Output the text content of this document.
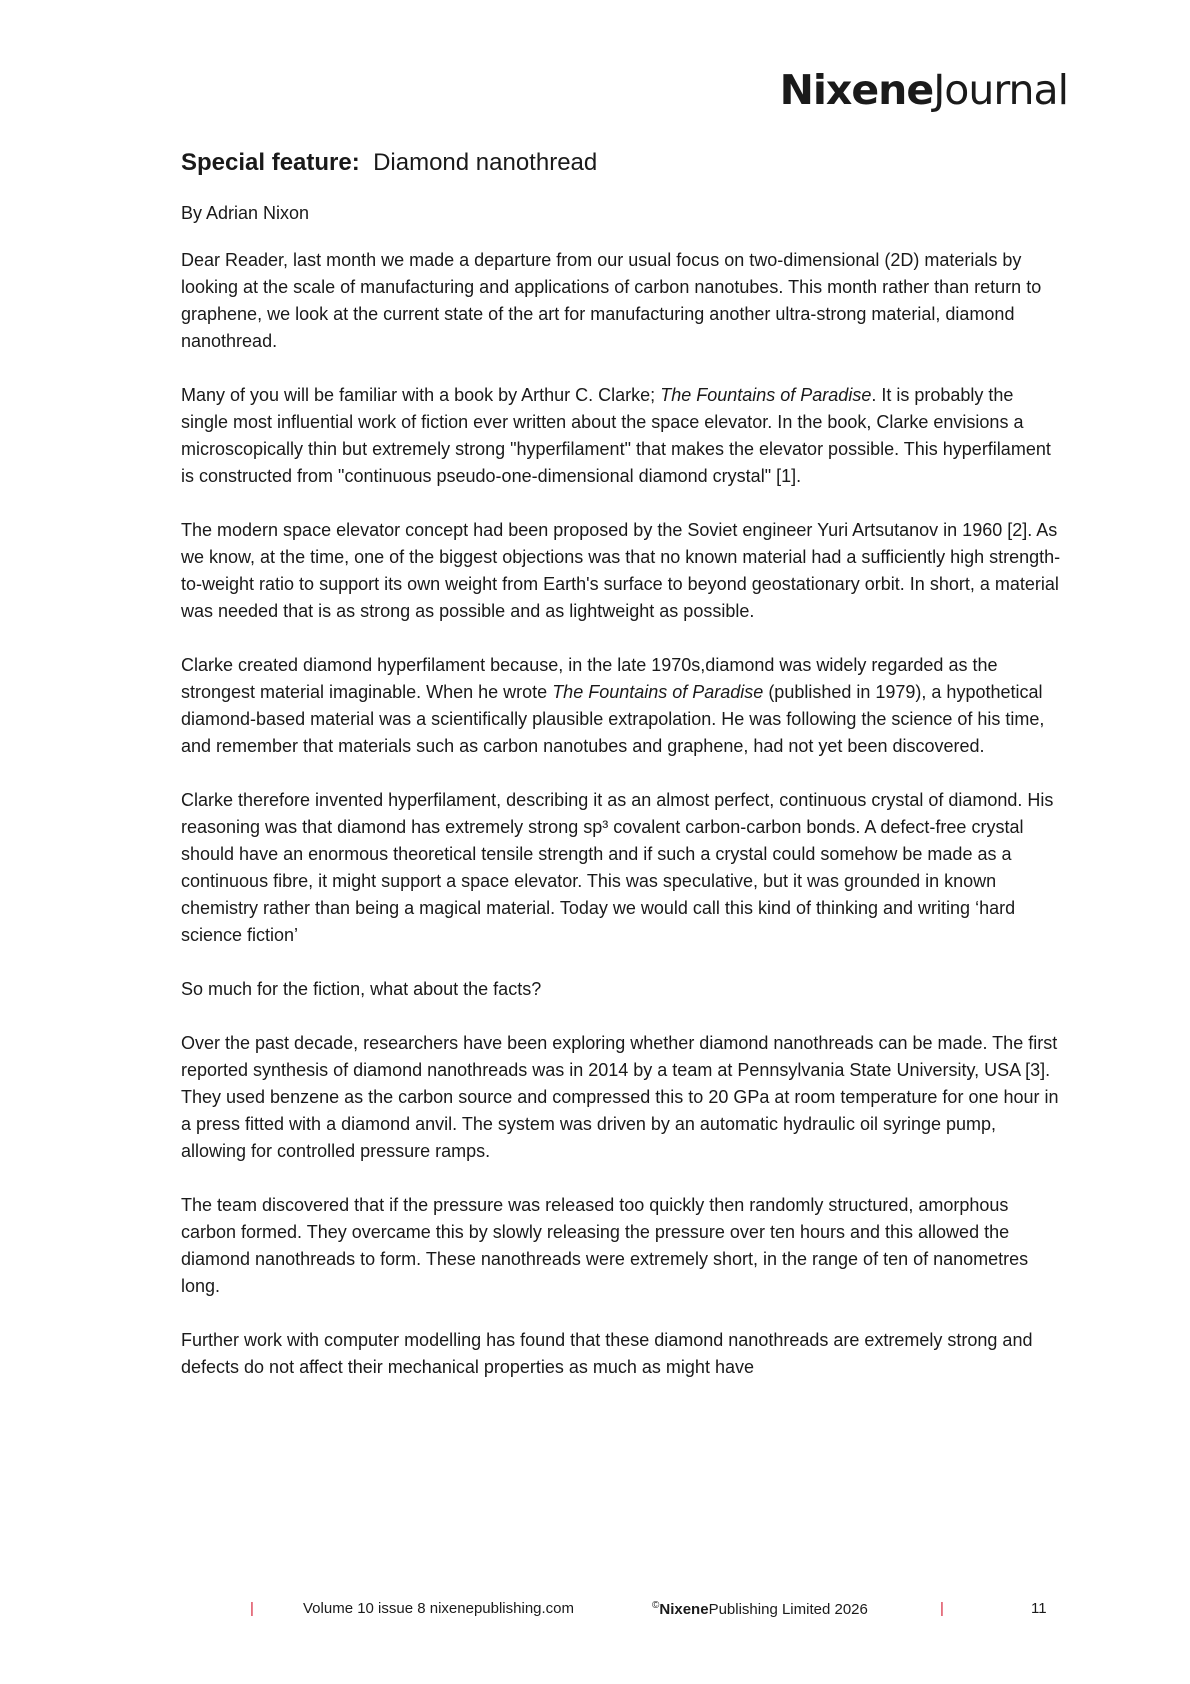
NixeneJournal
Special feature: Diamond nanothread

By Adrian Nixon

Dear Reader, last month we made a departure from our usual focus on two-dimensional (2D) materials by looking at the scale of manufacturing and applications of carbon nanotubes. This month rather than return to graphene, we look at the current state of the art for manufacturing another ultra-strong material, diamond nanothread.

Many of you will be familiar with a book by Arthur C. Clarke; The Fountains of Paradise. It is probably the single most influential work of fiction ever written about the space elevator. In the book, Clarke envisions a microscopically thin but extremely strong "hyperfilament" that makes the elevator possible. This hyperfilament is constructed from "continuous pseudo-one-dimensional diamond crystal" [1].

The modern space elevator concept had been proposed by the Soviet engineer Yuri Artsutanov in 1960 [2]. As we know, at the time, one of the biggest objections was that no known material had a sufficiently high strength-to-weight ratio to support its own weight from Earth's surface to beyond geostationary orbit. In short, a material was needed that is as strong as possible and as lightweight as possible.

Clarke created diamond hyperfilament because, in the late 1970s,diamond was widely regarded as the strongest material imaginable. When he wrote The Fountains of Paradise (published in 1979), a hypothetical diamond-based material was a scientifically plausible extrapolation. He was following the science of his time, and remember that materials such as carbon nanotubes and graphene, had not yet been discovered.

Clarke therefore invented hyperfilament, describing it as an almost perfect, continuous crystal of diamond. His reasoning was that diamond has extremely strong sp³ covalent carbon-carbon bonds. A defect-free crystal should have an enormous theoretical tensile strength and if such a crystal could somehow be made as a continuous fibre, it might support a space elevator. This was speculative, but it was grounded in known chemistry rather than being a magical material. Today we would call this kind of thinking and writing ‘hard science fiction’

So much for the fiction, what about the facts?

Over the past decade, researchers have been exploring whether diamond nanothreads can be made. The first reported synthesis of diamond nanothreads was in 2014 by a team at Pennsylvania State University, USA [3]. They used benzene as the carbon source and compressed this to 20 GPa at room temperature for one hour in a press fitted with a diamond anvil. The system was driven by an automatic hydraulic oil syringe pump, allowing for controlled pressure ramps.

The team discovered that if the pressure was released too quickly then randomly structured, amorphous carbon formed. They overcame this by slowly releasing the pressure over ten hours and this allowed the diamond nanothreads to form. These nanothreads were extremely short, in the range of ten of nanometres long.

Further work with computer modelling has found that these diamond nanothreads are extremely strong and defects do not affect their mechanical properties as much as might have

|	Volume 10 issue 8 nixenepublishing.com	©NixenePublishing Limited 2026	|	11
